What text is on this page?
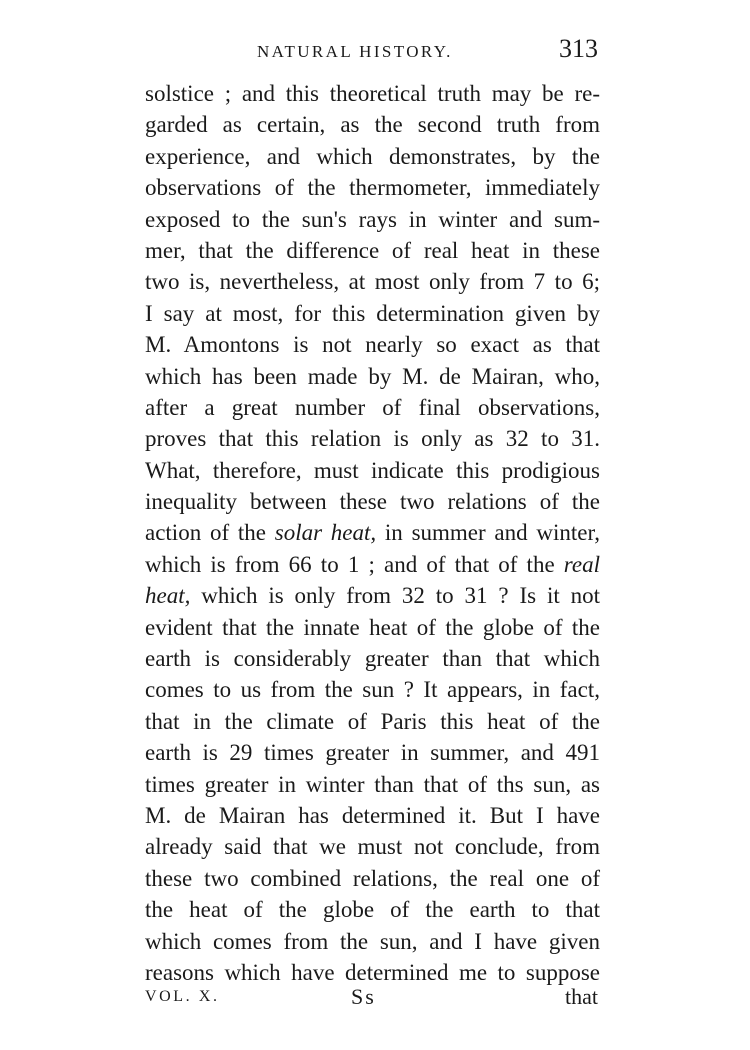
NATURAL HISTORY.	313
solstice ; and this theoretical truth may be re-
garded as certain, as the second truth from
experience, and which demonstrates, by the
observations of the thermometer, immediately
exposed to the sun's rays in winter and sum-
mer, that the difference of real heat in these
two is, nevertheless, at most only from 7 to 6;
I say at most, for this determination given by
M. Amontons is not nearly so exact as that
which has been made by M. de Mairan, who,
after a great number of final observations,
proves that this relation is only as 32 to 31.
What, therefore, must indicate this prodigious
inequality between these two relations of the
action of the solar heat, in summer and winter,
which is from 66 to 1 ; and of that of the real
heat, which is only from 32 to 31 ? Is it not
evident that the innate heat of the globe of the
earth is considerably greater than that which
comes to us from the sun ? It appears, in fact,
that in the climate of Paris this heat of the
earth is 29 times greater in summer, and 491
times greater in winter than that of ths sun, as
M. de Mairan has determined it. But I have
already said that we must not conclude, from
these two combined relations, the real one of
the heat of the globe of the earth to that
which comes from the sun, and I have given
reasons which have determined me to suppose
VOL. X.	Ss	that
